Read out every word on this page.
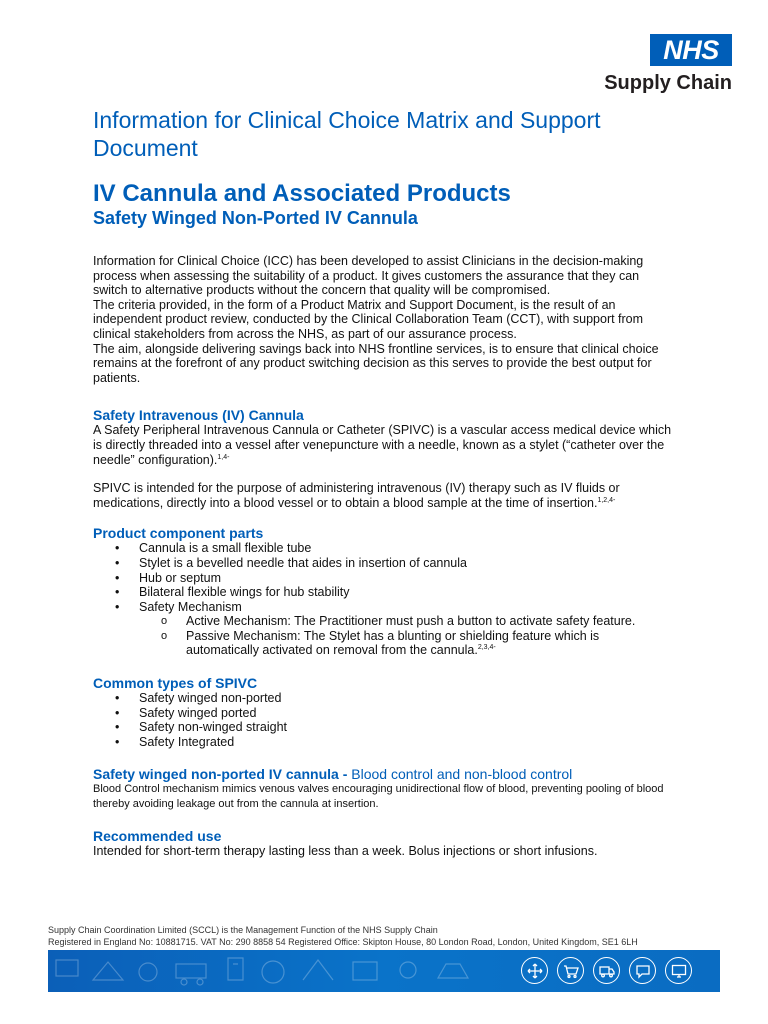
NHS
Supply Chain
Information for Clinical Choice Matrix and Support Document
IV Cannula and Associated Products
Safety Winged Non-Ported IV Cannula

Information for Clinical Choice (ICC) has been developed to assist Clinicians in the decision-making process when assessing the suitability of a product. It gives customers the assurance that they can switch to alternative products without the concern that quality will be compromised.

The criteria provided, in the form of a Product Matrix and Support Document, is the result of an independent product review, conducted by the Clinical Collaboration Team (CCT), with support from clinical stakeholders from across the NHS, as part of our assurance process.

The aim, alongside delivering savings back into NHS frontline services, is to ensure that clinical choice remains at the forefront of any product switching decision as this serves to provide the best output for patients.

Safety Intravenous (IV) Cannula

A Safety Peripheral Intravenous Cannula or Catheter (SPIVC) is a vascular access medical device which is directly threaded into a vessel after venepuncture with a needle, known as a stylet (“catheter over the needle” configuration).$^{1,4-}$

SPIVC is intended for the purpose of administering intravenous (IV) therapy such as IV fluids or medications, directly into a blood vessel or to obtain a blood sample at the time of insertion.$^{1,2,4-}$

Product component parts
• Cannula is a small flexible tube
• Stylet is a bevelled needle that aides in insertion of cannula
• Hub or septum
• Bilateral flexible wings for hub stability
• Safety Mechanism
o Active Mechanism: The Practitioner must push a button to activate safety feature.
o Passive Mechanism: The Stylet has a blunting or shielding feature which is automatically activated on removal from the cannula.$^{2,3,4-}$
Common types of SPIVC
• Safety winged non-ported
• Safety winged ported
• Safety non-winged straight
• Safety Integrated
Safety winged non-ported IV cannula - Blood control and non-blood control

Blood Control mechanism mimics venous valves encouraging unidirectional flow of blood, preventing pooling of blood thereby avoiding leakage out from the cannula at insertion.

Recommended use

Intended for short-term therapy lasting less than a week. Bolus injections or short infusions.

Supply Chain Coordination Limited (SCCL) is the Management Function of the NHS Supply Chain
Registered in England No: 10881715. VAT No: 290 8858 54 Registered Office: Skipton House, 80 London Road, London, United Kingdom, SE1 6LH
